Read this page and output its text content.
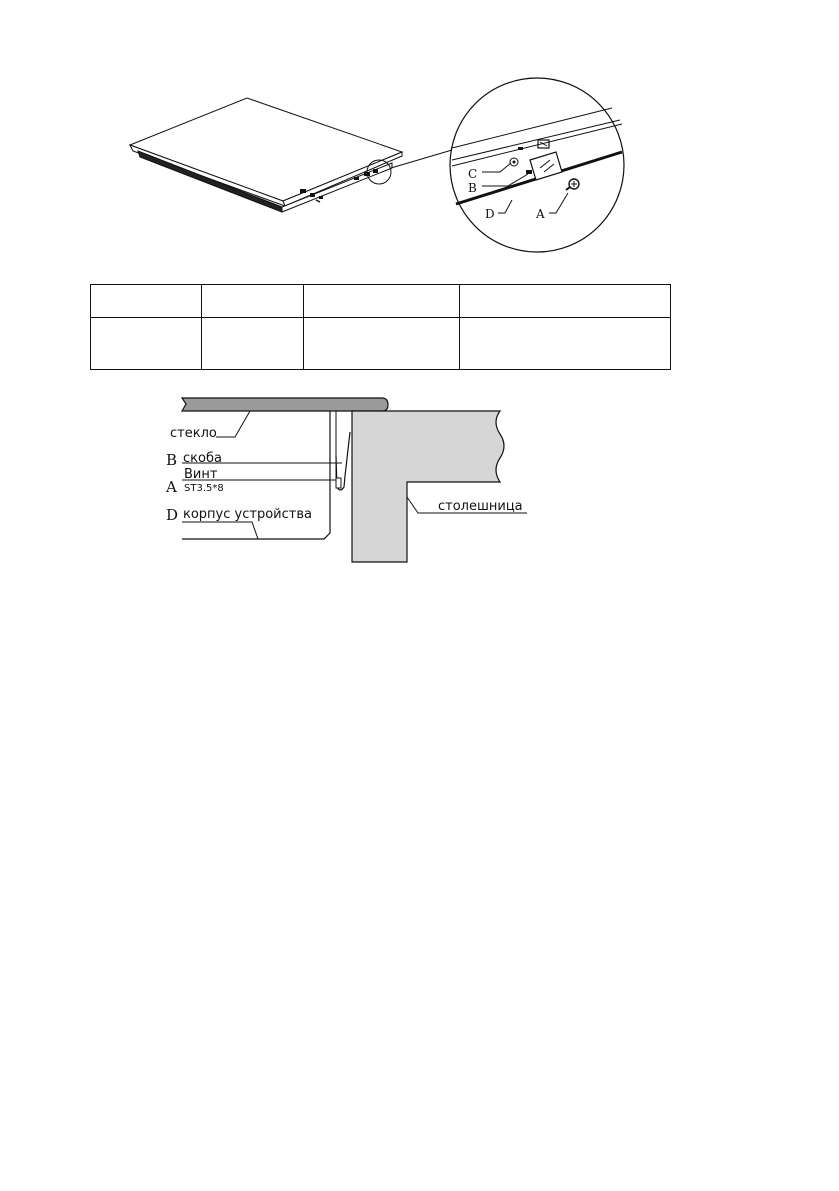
C
B
D	A

стекло
B скоба
A
Винт
ST3.5*8
D корпус устройства
столешница
